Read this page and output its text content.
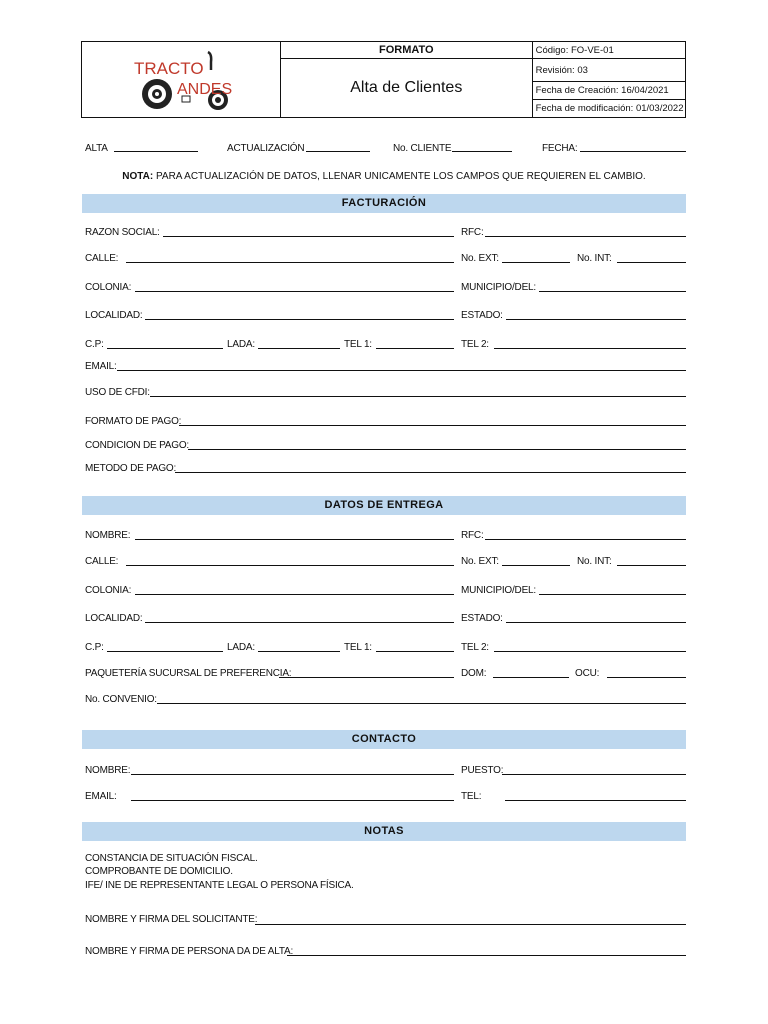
TRACTO
ANDES	FORMATO	Código: FO-VE-01
	Alta de Clientes	Revisión: 03
		Fecha de Creación: 16/04/2021
		Fecha de modificación: 01/03/2022
ALTA	ACTUALIZACIÓN	No. CLIENTE	FECHA:
NOTA: PARA ACTUALIZACIÓN DE DATOS, LLENAR UNICAMENTE LOS CAMPOS QUE REQUIEREN EL CAMBIO.
FACTURACIÓN
RAZON SOCIAL:	RFC:
CALLE:	No. EXT:	No. INT:
COLONIA:	MUNICIPIO/DEL:
LOCALIDAD:	ESTADO:
C.P:	LADA:	TEL 1:	TEL 2:
EMAIL:
USO DE CFDI:
FORMATO DE PAGO:
CONDICION DE PAGO:
METODO DE PAGO:
DATOS DE ENTREGA
NOMBRE:	RFC:
CALLE:	No. EXT:	No. INT:
COLONIA:	MUNICIPIO/DEL:
LOCALIDAD:	ESTADO:
C.P:	LADA:	TEL 1:	TEL 2:
PAQUETERÍA SUCURSAL DE PREFERENCIA:	DOM:	OCU:
No. CONVENIO:
CONTACTO
NOMBRE:	PUESTO:
EMAIL:	TEL:
NOTAS
CONSTANCIA DE SITUACIÓN FISCAL.
COMPROBANTE DE DOMICILIO.
IFE/ INE DE REPRESENTANTE LEGAL O PERSONA FÍSICA.
NOMBRE Y FIRMA DEL SOLICITANTE:
NOMBRE Y FIRMA DE PERSONA DA DE ALTA:
